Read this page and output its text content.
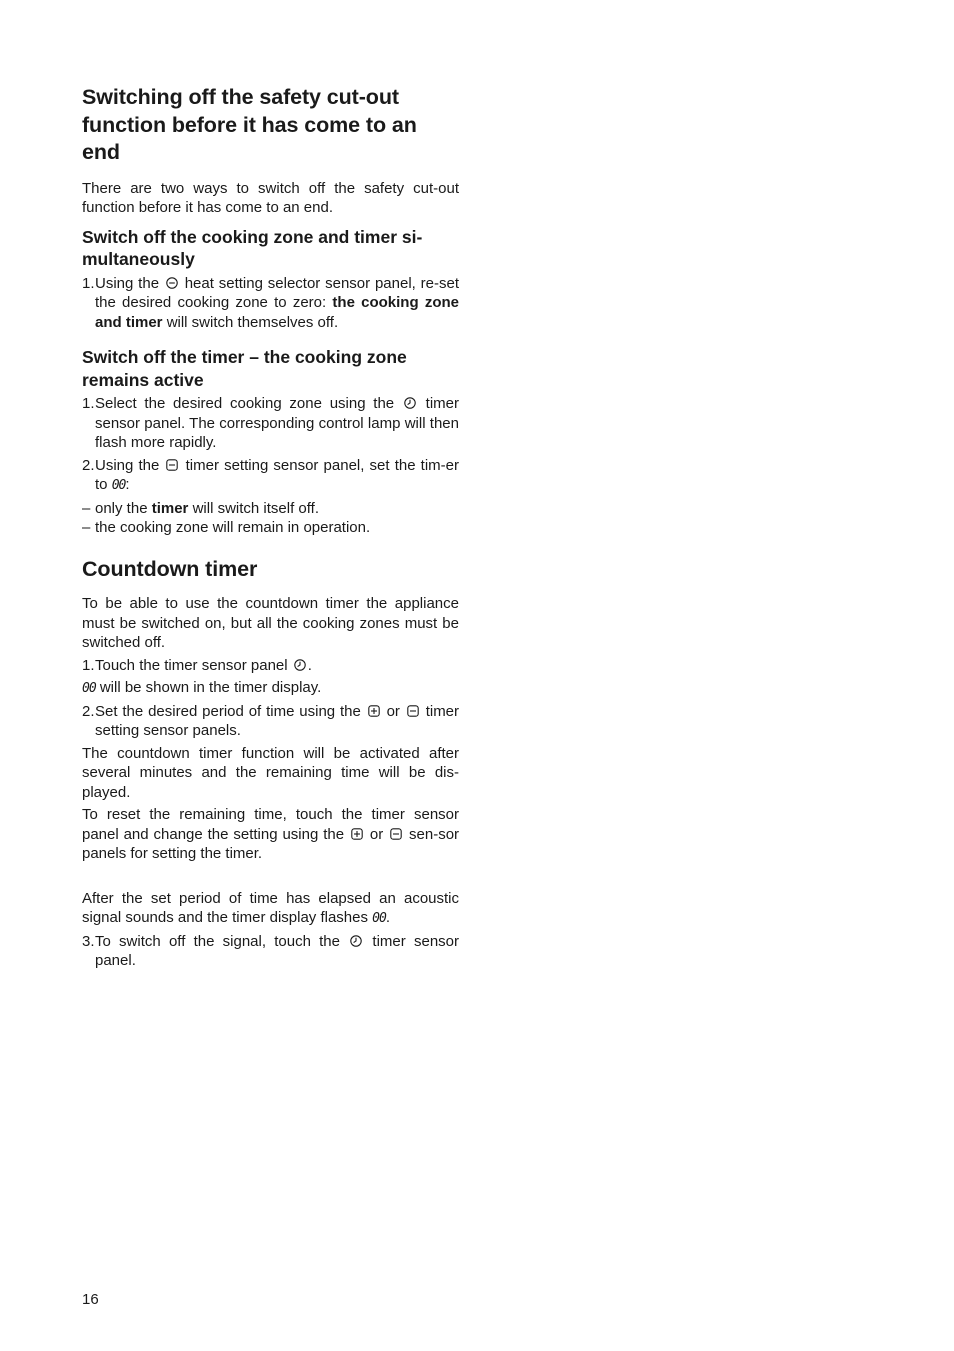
Switching off the safety cut-out function before it has come to an end

There are two ways to switch off the safety cut-out function before it has come to an end.

Switch off the cooking zone and timer si-multaneously
1. Using the heat setting selector sensor panel, re-set the desired cooking zone to zero: the cooking zone and timer will switch themselves off.
Switch off the timer – the cooking zone remains active
1. Select the desired cooking zone using the timer sensor panel. The corresponding control lamp will then flash more rapidly.
2. Using the timer setting sensor panel, set the tim-er to 00:
– only the timer will switch itself off.
– the cooking zone will remain in operation.
Countdown timer

To be able to use the countdown timer the appliance must be switched on, but all the cooking zones must be switched off.

1. Touch the timer sensor panel .

00 will be shown in the timer display.

2. Set the desired period of time using the or timer setting sensor panels.

The countdown timer function will be activated after several minutes and the remaining time will be dis-played.

To reset the remaining time, touch the timer sensor panel and change the setting using the or sen-sor panels for setting the timer.

After the set period of time has elapsed an acoustic signal sounds and the timer display flashes 00.

3. To switch off the signal, touch the timer sensor panel.
16
